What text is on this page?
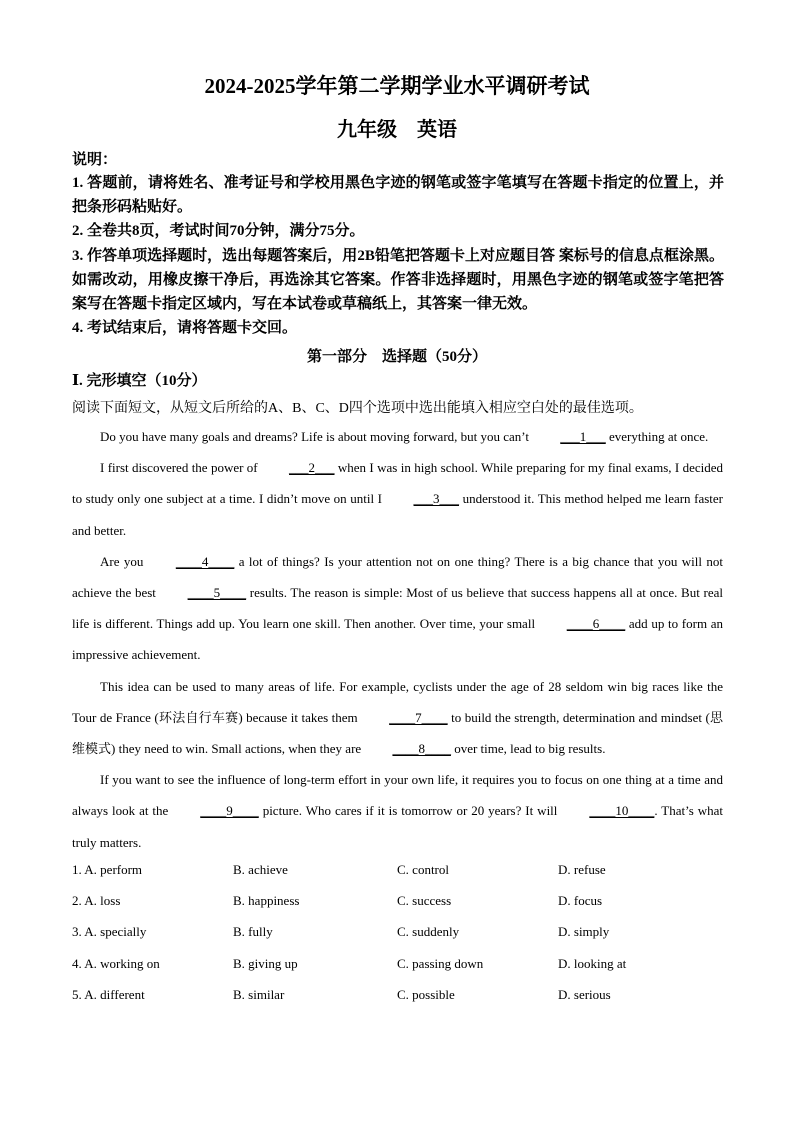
2024-2025学年第二学期学业水平调研考试
九年级　英语
说明：

1. 答题前，请将姓名、准考证号和学校用黑色字迹的钢笔或签字笔填写在答题卡指定的位置上，并把条形码粘贴好。

2. 全卷共8页，考试时间70分钟，满分75分。

3. 作答单项选择题时，选出每题答案后，用2B铅笔把答题卡上对应题目答 案标号的信息点框涂黑。如需改动，用橡皮擦干净后，再选涂其它答案。作答非选择题时，用黑色字迹的钢笔或签字笔把答案写在答题卡指定区域内，写在本试卷或草稿纸上，其答案一律无效。

4. 考试结束后，请将答题卡交回。

第一部分　选择题（50分）
Ⅰ. 完形填空（10分）
阅读下面短文，从短文后所给的A、B、C、D四个选项中选出能填入相应空白处的最佳选项。

Do you have many goals and dreams? Life is about moving forward, but you can’t ___1___ everything at once.

I first discovered the power of ___2___ when I was in high school. While preparing for my final exams, I decided to study only one subject at a time. I didn’t move on until I ___3___ understood it. This method helped me learn faster and better.

Are you ____4____ a lot of things? Is your attention not on one thing? There is a big chance that you will not achieve the best ____5____ results. The reason is simple: Most of us believe that success happens all at once. But real life is different. Things add up. You learn one skill. Then another. Over time, your small ____6____ add up to form an impressive achievement.

This idea can be used to many areas of life. For example, cyclists under the age of 28 seldom win big races like the Tour de France (环法自行车赛) because it takes them ____7____ to build the strength, determination and mindset (思维模式) they need to win. Small actions, when they are ____8____ over time, lead to big results.

If you want to see the influence of long-term effort in your own life, it requires you to focus on one thing at a time and always look at the ____9____ picture. Who cares if it is tomorrow or 20 years? It will ____10____. That’s what truly matters.

1. A. perform	B. achieve	C. control	D. refuse
2. A. loss	B. happiness	C. success	D. focus
3. A. specially	B. fully	C. suddenly	D. simply
4. A. working on	B. giving up	C. passing down	D. looking at
5. A. different	B. similar	C. possible	D. serious
